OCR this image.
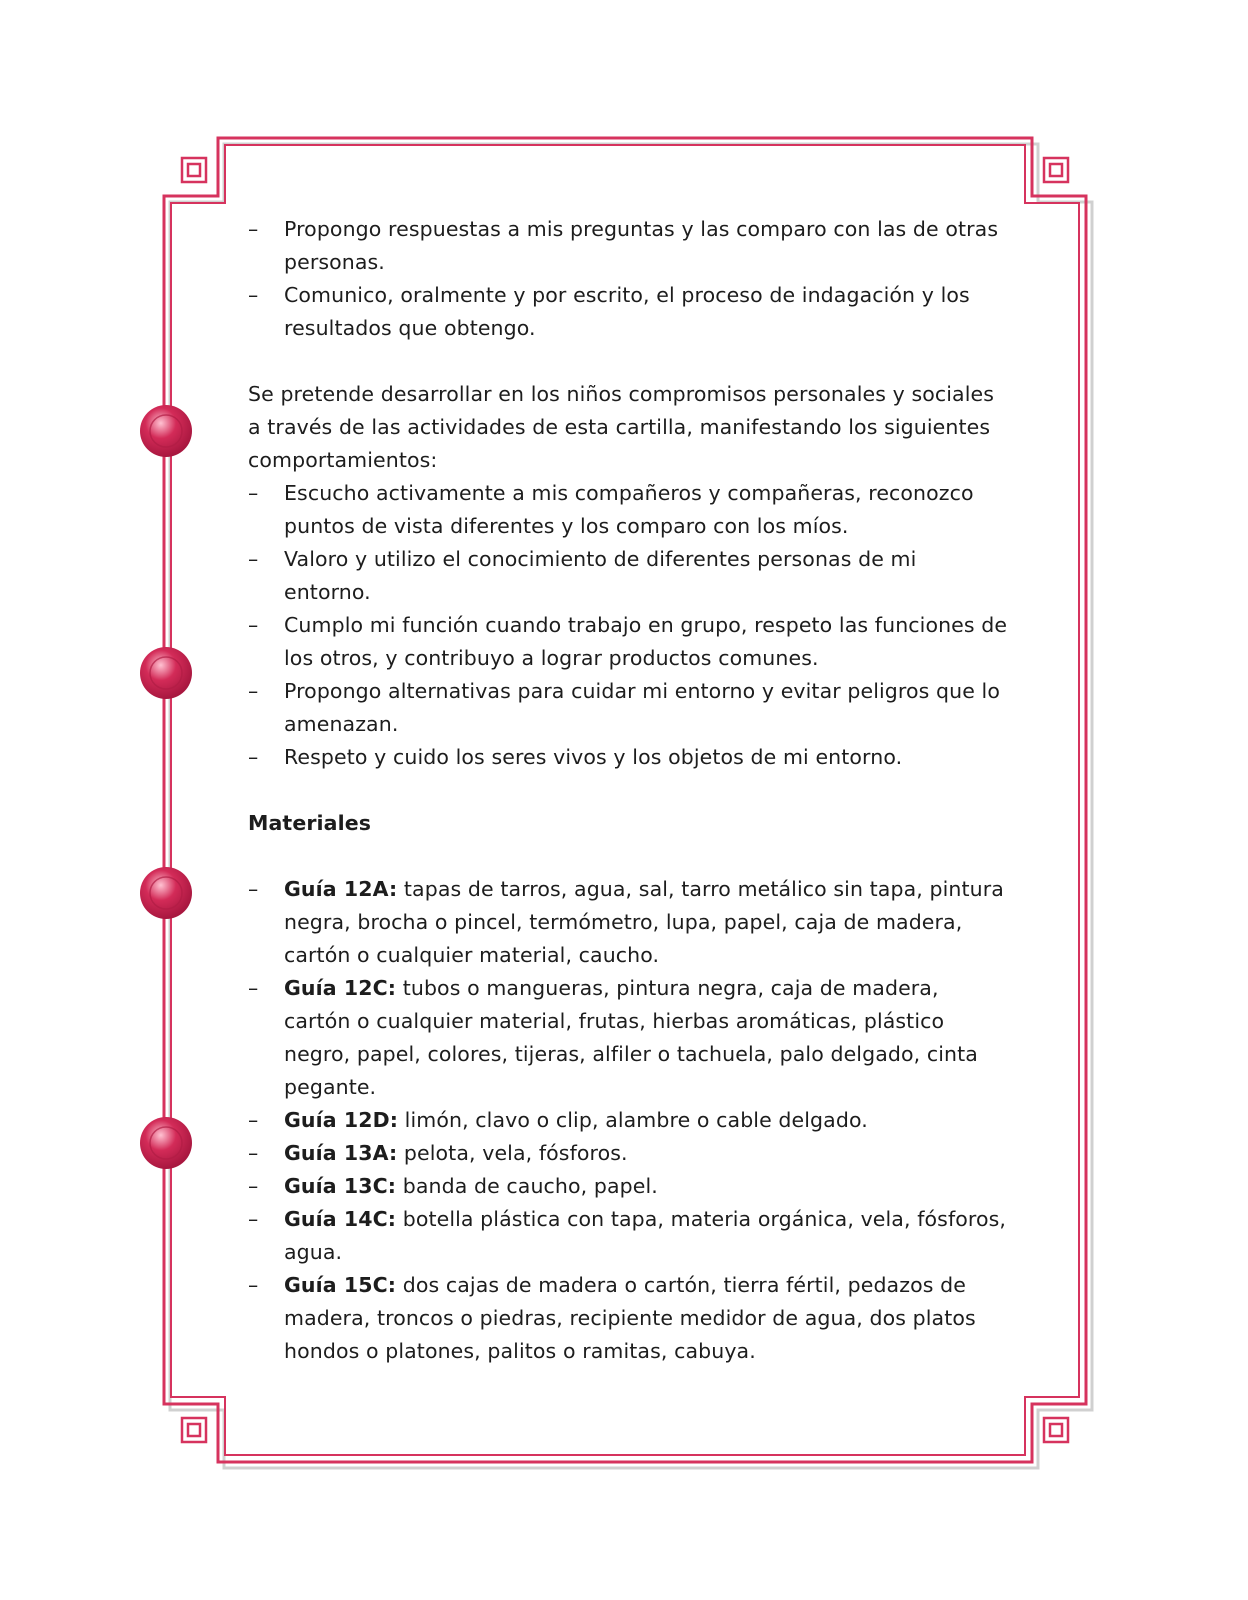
– Propongo respuestas a mis preguntas y las comparo con las de otras personas.
– Comunico, oralmente y por escrito, el proceso de indagación y los resultados que obtengo.

Se pretende desarrollar en los niños compromisos personales y sociales a través de las actividades de esta cartilla, manifestando los siguientes comportamientos:

– Escucho activamente a mis compañeros y compañeras, reconozco puntos de vista diferentes y los comparo con los míos.
– Valoro y utilizo el conocimiento de diferentes personas de mi entorno.
– Cumplo mi función cuando trabajo en grupo, respeto las funciones de los otros, y contribuyo a lograr productos comunes.
– Propongo alternativas para cuidar mi entorno y evitar peligros que lo amenazan.
– Respeto y cuido los seres vivos y los objetos de mi entorno.

Materiales

– Guía 12A: tapas de tarros, agua, sal, tarro metálico sin tapa, pintura negra, brocha o pincel, termómetro, lupa, papel, caja de madera, cartón o cualquier material, caucho.
– Guía 12C: tubos o mangueras, pintura negra, caja de madera, cartón o cualquier material, frutas, hierbas aromáticas, plástico negro, papel, colores, tijeras, alfiler o tachuela, palo delgado, cinta pegante.
– Guía 12D: limón, clavo o clip, alambre o cable delgado.
– Guía 13A: pelota, vela, fósforos.
– Guía 13C: banda de caucho, papel.
– Guía 14C: botella plástica con tapa, materia orgánica, vela, fósforos, agua.
– Guía 15C: dos cajas de madera o cartón, tierra fértil, pedazos de madera, troncos o piedras, recipiente medidor de agua, dos platos hondos o platones, palitos o ramitas, cabuya.
